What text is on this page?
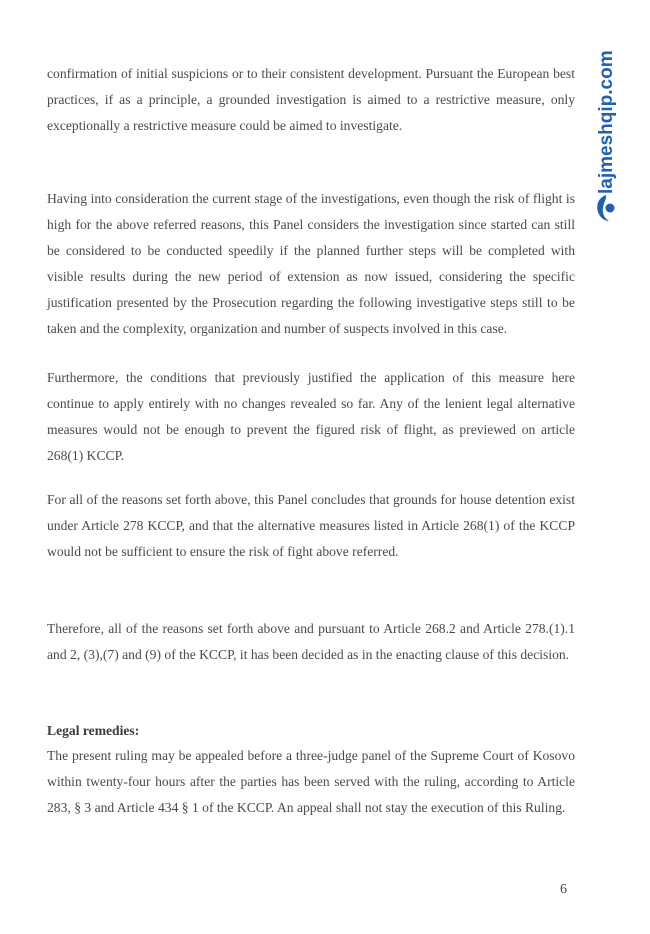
lajmeshqip.com
confirmation of initial suspicions or to their consistent development. Pursuant the European best practices, if as a principle, a grounded investigation is aimed to a restrictive measure, only exceptionally a restrictive measure could be aimed to investigate.
Having into consideration the current stage of the investigations, even though the risk of flight is high for the above referred reasons, this Panel considers the investigation since started can still be considered to be conducted speedily if the planned further steps will be completed with visible results during the new period of extension as now issued, considering the specific justification presented by the Prosecution regarding the following investigative steps still to be taken and the complexity, organization and number of suspects involved in this case.
Furthermore, the conditions that previously justified the application of this measure here continue to apply entirely with no changes revealed so far. Any of the lenient legal alternative measures would not be enough to prevent the figured risk of flight, as previewed on article 268(1) KCCP.
For all of the reasons set forth above, this Panel concludes that grounds for house detention exist under Article 278 KCCP, and that the alternative measures listed in Article 268(1) of the KCCP would not be sufficient to ensure the risk of fight above referred.
Therefore, all of the reasons set forth above and pursuant to Article 268.2 and Article 278.(1).1 and 2, (3),(7) and (9) of the KCCP, it has been decided as in the enacting clause of this decision.
Legal remedies:
The present ruling may be appealed before a three-judge panel of the Supreme Court of Kosovo within twenty-four hours after the parties has been served with the ruling, according to Article 283, § 3 and Article 434 § 1 of the KCCP. An appeal shall not stay the execution of this Ruling.
6
